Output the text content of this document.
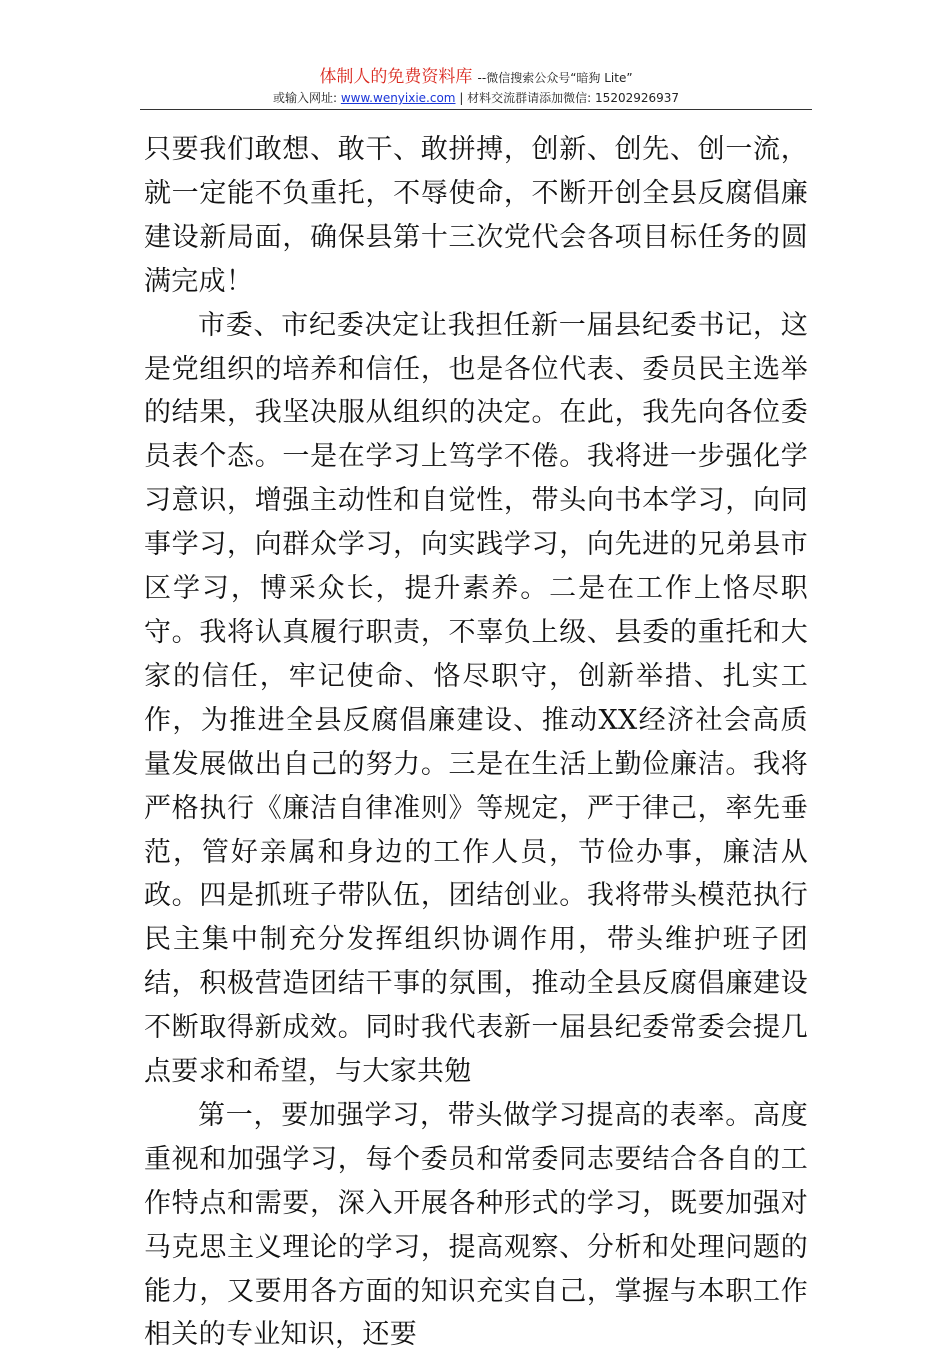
体制人的免费资料库 --微信搜索公众号“暗狗 Lite”
或输入网址: www.wenyixie.com | 材料交流群请添加微信: 15202926937

只要我们敢想、敢干、敢拼搏，创新、创先、创一流，就一定能不负重托，不辱使命，不断开创全县反腐倡廉建设新局面，确保县第十三次党代会各项目标任务的圆满完成！

市委、市纪委决定让我担任新一届县纪委书记，这是党组织的培养和信任，也是各位代表、委员民主选举的结果，我坚决服从组织的决定。在此，我先向各位委员表个态。一是在学习上笃学不倦。我将进一步强化学习意识，增强主动性和自觉性，带头向书本学习，向同事学习，向群众学习，向实践学习，向先进的兄弟县市区学习，博采众长，提升素养。二是在工作上恪尽职守。我将认真履行职责，不辜负上级、县委的重托和大家的信任，牢记使命、恪尽职守，创新举措、扎实工作，为推进全县反腐倡廉建设、推动XX经济社会高质量发展做出自己的努力。三是在生活上勤俭廉洁。我将严格执行《廉洁自律准则》等规定，严于律己，率先垂范，管好亲属和身边的工作人员，节俭办事，廉洁从政。四是抓班子带队伍，团结创业。我将带头模范执行民主集中制充分发挥组织协调作用，带头维护班子团结，积极营造团结干事的氛围，推动全县反腐倡廉建设不断取得新成效。同时我代表新一届县纪委常委会提几点要求和希望，与大家共勉

第一，要加强学习，带头做学习提高的表率。高度重视和加强学习，每个委员和常委同志要结合各自的工作特点和需要，深入开展各种形式的学习，既要加强对马克思主义理论的学习，提高观察、分析和处理问题的能力，又要用各方面的知识充实自己，掌握与本职工作相关的专业知识，还要
